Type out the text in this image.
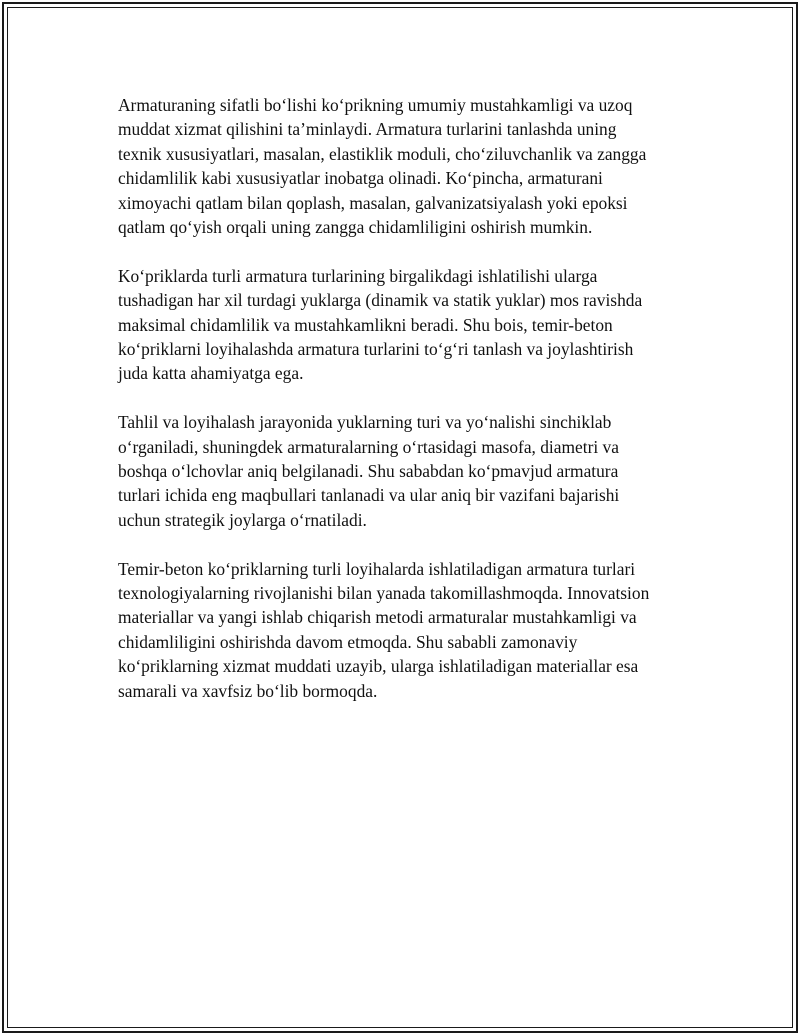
Armaturaning sifatli bo‘lishi ko‘prikning umumiy mustahkamligi va uzoq
muddat xizmat qilishini ta’minlaydi. Armatura turlarini tanlashda uning
texnik xususiyatlari, masalan, elastiklik moduli, cho‘ziluvchanlik va zangga
chidamlilik kabi xususiyatlar inobatga olinadi. Ko‘pincha, armaturani
ximoyachi qatlam bilan qoplash, masalan, galvanizatsiyalash yoki epoksi
qatlam qo‘yish orqali uning zangga chidamliligini oshirish mumkin.

Ko‘priklarda turli armatura turlarining birgalikdagi ishlatilishi ularga
tushadigan har xil turdagi yuklarga (dinamik va statik yuklar) mos ravishda
maksimal chidamlilik va mustahkamlikni beradi. Shu bois, temir-beton
ko‘priklarni loyihalashda armatura turlarini to‘g‘ri tanlash va joylashtirish
juda katta ahamiyatga ega.

Tahlil va loyihalash jarayonida yuklarning turi va yo‘nalishi sinchiklab
o‘rganiladi, shuningdek armaturalarning o‘rtasidagi masofa, diametri va
boshqa o‘lchovlar aniq belgilanadi. Shu sababdan ko‘pmavjud armatura
turlari ichida eng maqbullari tanlanadi va ular aniq bir vazifani bajarishi
uchun strategik joylarga o‘rnatiladi.

Temir-beton ko‘priklarning turli loyihalarda ishlatiladigan armatura turlari
texnologiyalarning rivojlanishi bilan yanada takomillashmoqda. Innovatsion
materiallar va yangi ishlab chiqarish metodi armaturalar mustahkamligi va
chidamliligini oshirishda davom etmoqda. Shu sababli zamonaviy
ko‘priklarning xizmat muddati uzayib, ularga ishlatiladigan materiallar esa
samarali va xavfsiz bo‘lib bormoqda.
